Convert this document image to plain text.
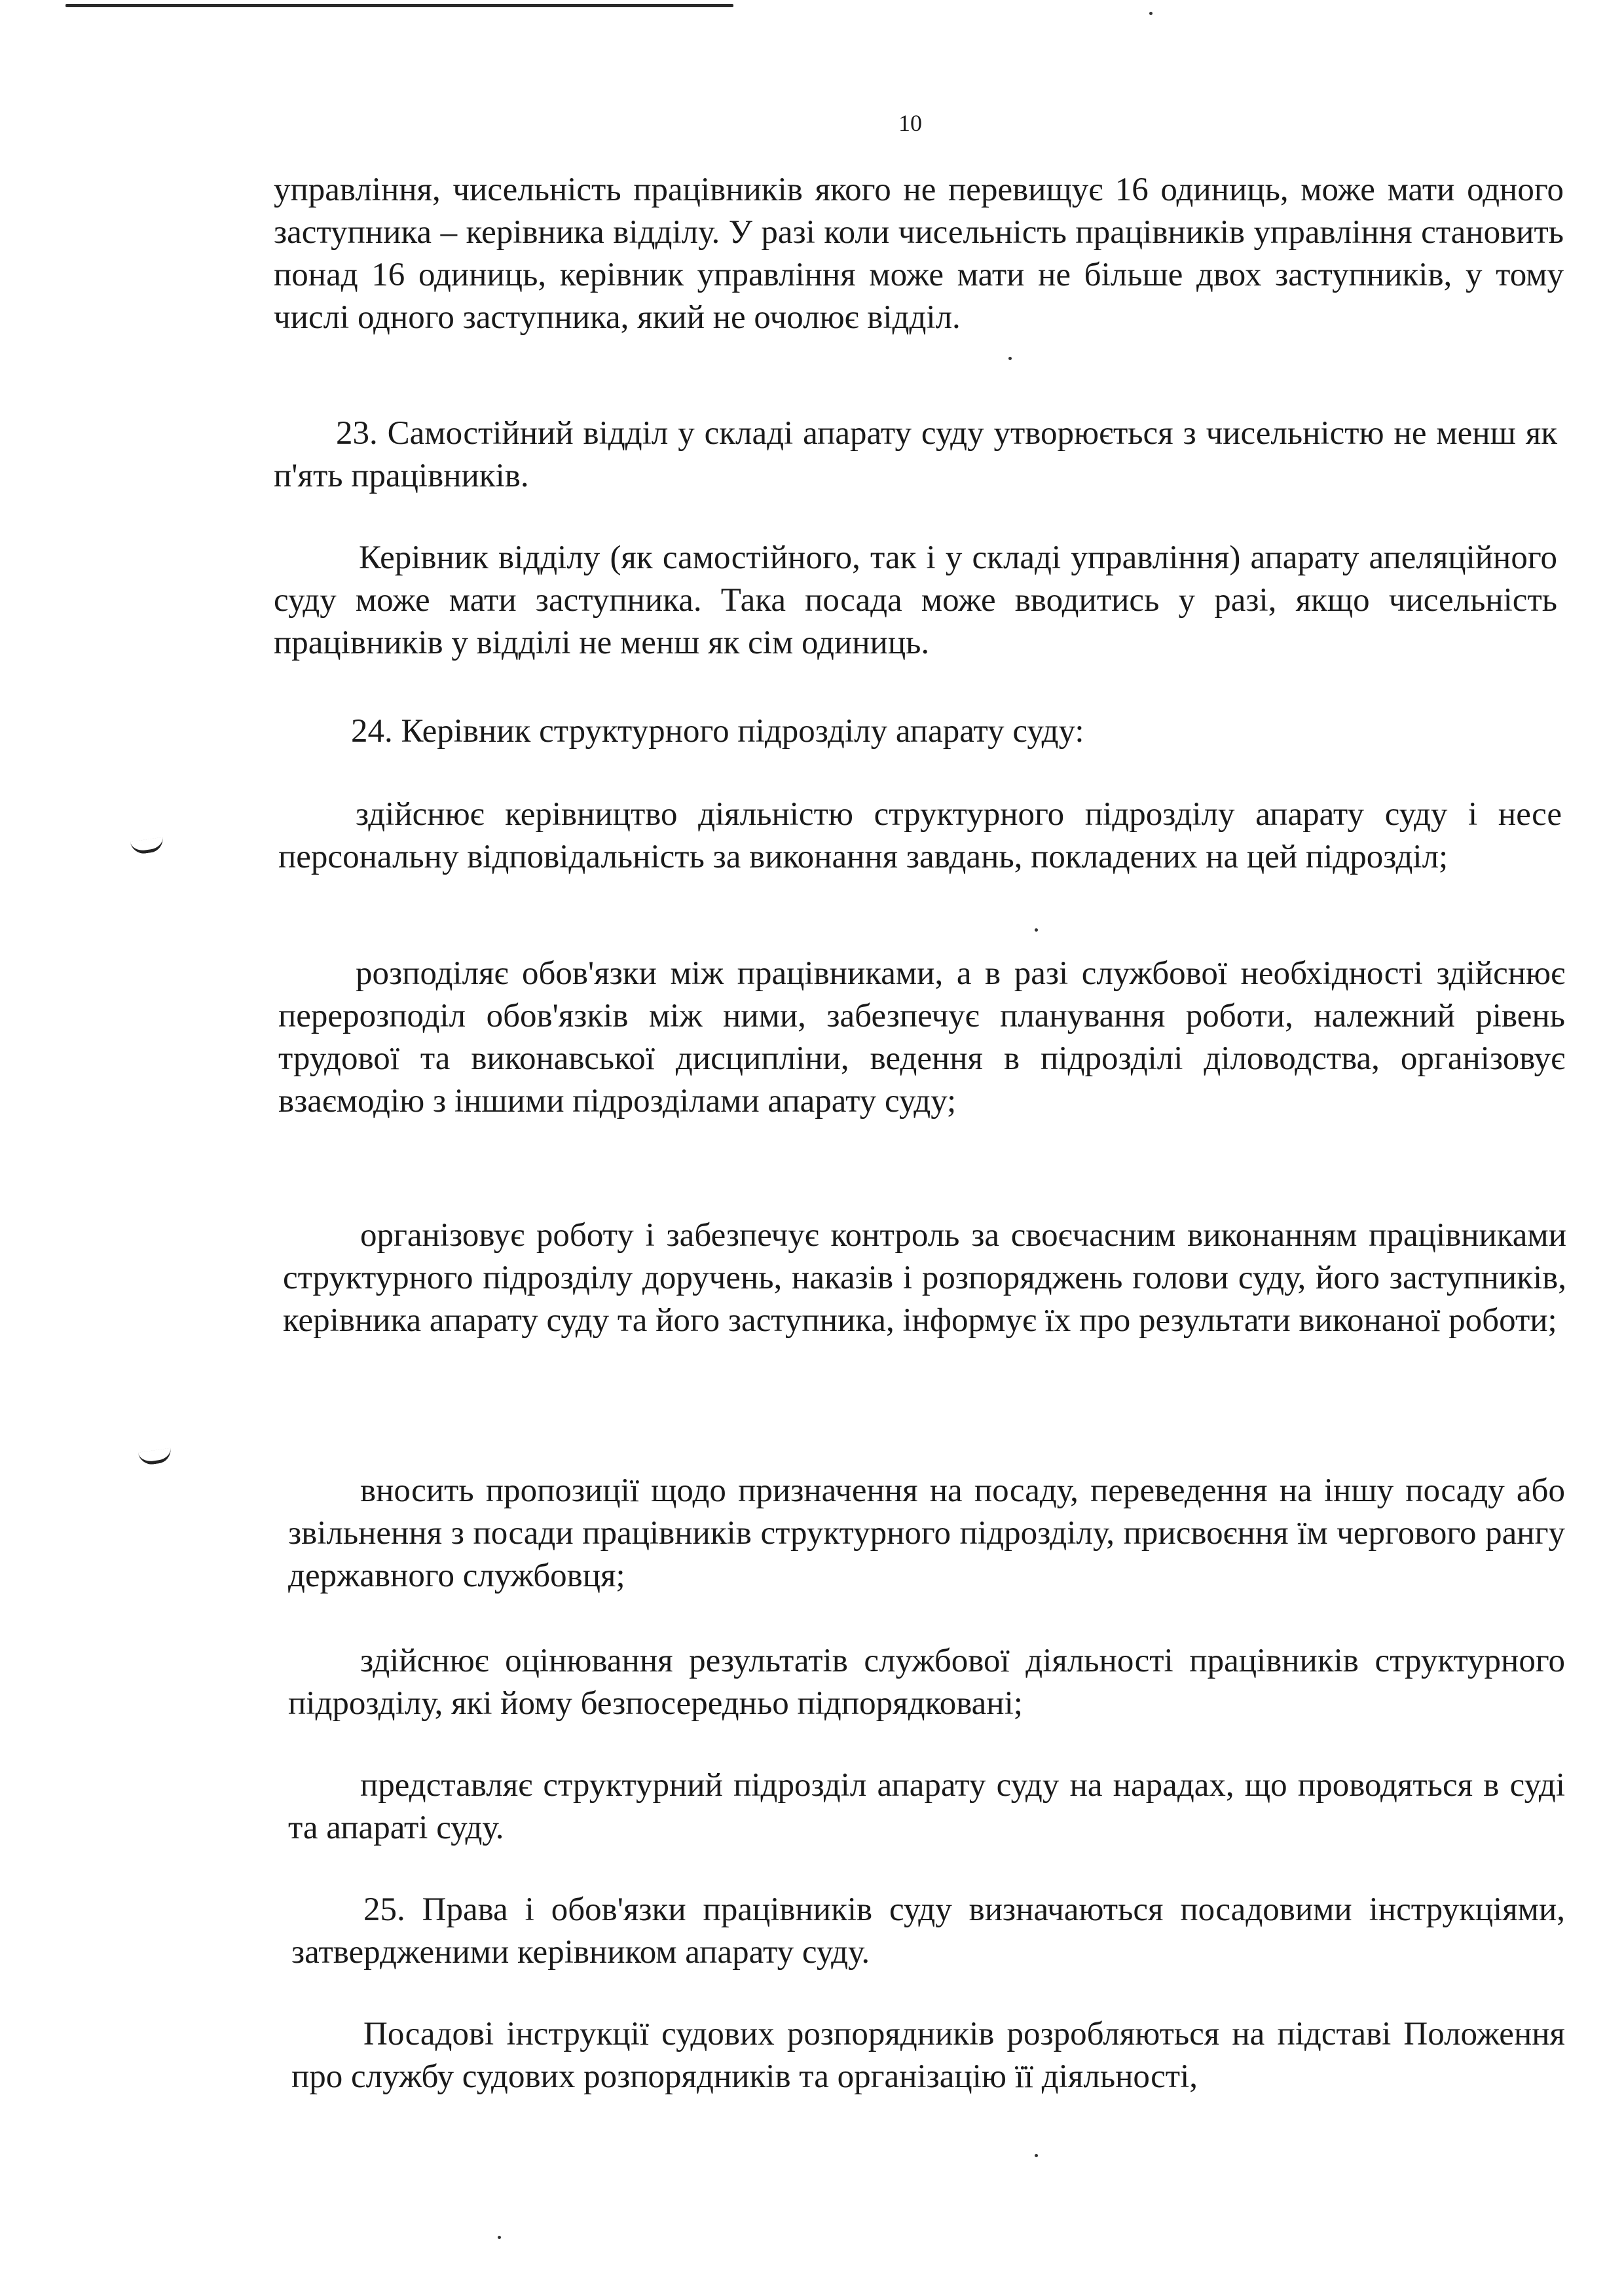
10

управління, чисельність працівників якого не перевищує 16 одиниць, може мати одного заступника – керівника відділу. У разі коли чисельність працівників управління становить понад 16 одиниць, керівник управління може мати не більше двох заступників, у тому числі одного заступника, який не очолює відділ.

23. Самостійний відділ у складі апарату суду утворюється з чисельністю не менш як п'ять працівників.

Керівник відділу (як самостійного, так і у складі управління) апарату апеляційного суду може мати заступника. Така посада може вводитись у разі, якщо чисельність працівників у відділі не менш як сім одиниць.

24. Керівник структурного підрозділу апарату суду:

здійснює керівництво діяльністю структурного підрозділу апарату суду і несе персональну відповідальність за виконання завдань, покладених на цей підрозділ;

розподіляє обов'язки між працівниками, а в разі службової необхідності здійснює перерозподіл обов'язків між ними, забезпечує планування роботи, належний рівень трудової та виконавської дисципліни, ведення в підрозділі діловодства, організовує взаємодію з іншими підрозділами апарату суду;

організовує роботу і забезпечує контроль за своєчасним виконанням працівниками структурного підрозділу доручень, наказів і розпоряджень голови суду, його заступників, керівника апарату суду та його заступника, інформує їх про результати виконаної роботи;

вносить пропозиції щодо призначення на посаду, переведення на іншу посаду або звільнення з посади працівників структурного підрозділу, присвоєння їм чергового рангу державного службовця;

здійснює оцінювання результатів службової діяльності працівників структурного підрозділу, які йому безпосередньо підпорядковані;

представляє структурний підрозділ апарату суду на нарадах, що проводяться в суді та апараті суду.

25. Права і обов'язки працівників суду визначаються посадовими інструкціями, затвердженими керівником апарату суду.

Посадові інструкції судових розпорядників розробляються на підставі Положення про службу судових розпорядників та організацію її діяльності,
